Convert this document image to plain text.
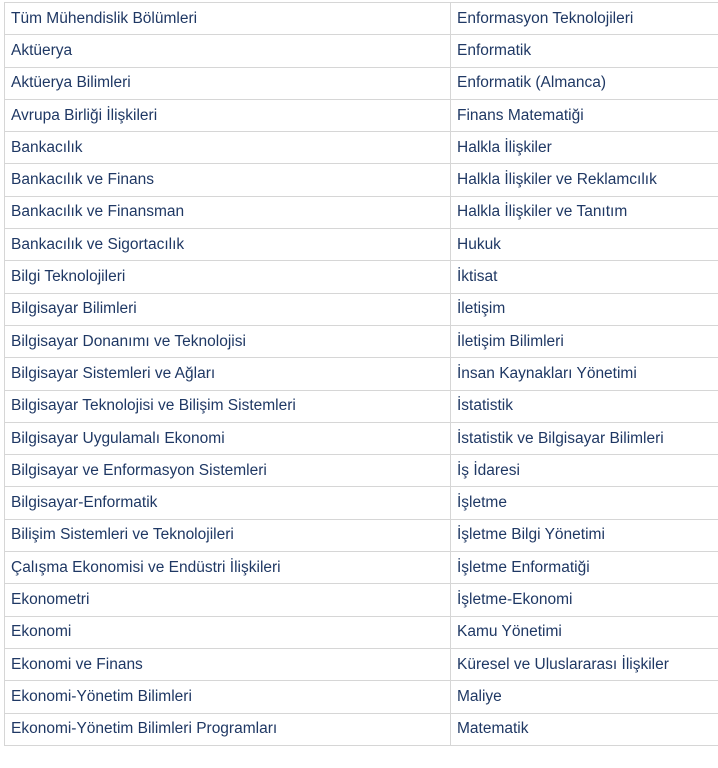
Tüm Mühendislik Bölümleri	Enformasyon Teknolojileri
Aktüerya	Enformatik
Aktüerya Bilimleri	Enformatik (Almanca)
Avrupa Birliği İlişkileri	Finans Matematiği
Bankacılık	Halkla İlişkiler
Bankacılık ve Finans	Halkla İlişkiler ve Reklamcılık
Bankacılık ve Finansman	Halkla İlişkiler ve Tanıtım
Bankacılık ve Sigortacılık	Hukuk
Bilgi Teknolojileri	İktisat
Bilgisayar Bilimleri	İletişim
Bilgisayar Donanımı ve Teknolojisi	İletişim Bilimleri
Bilgisayar Sistemleri ve Ağları	İnsan Kaynakları Yönetimi
Bilgisayar Teknolojisi ve Bilişim Sistemleri	İstatistik
Bilgisayar Uygulamalı Ekonomi	İstatistik ve Bilgisayar Bilimleri
Bilgisayar ve Enformasyon Sistemleri	İş İdaresi
Bilgisayar-Enformatik	İşletme
Bilişim Sistemleri ve Teknolojileri	İşletme Bilgi Yönetimi
Çalışma Ekonomisi ve Endüstri İlişkileri	İşletme Enformatiği
Ekonometri	İşletme-Ekonomi
Ekonomi	Kamu Yönetimi
Ekonomi ve Finans	Küresel ve Uluslararası İlişkiler
Ekonomi-Yönetim Bilimleri	Maliye
Ekonomi-Yönetim Bilimleri Programları	Matematik
